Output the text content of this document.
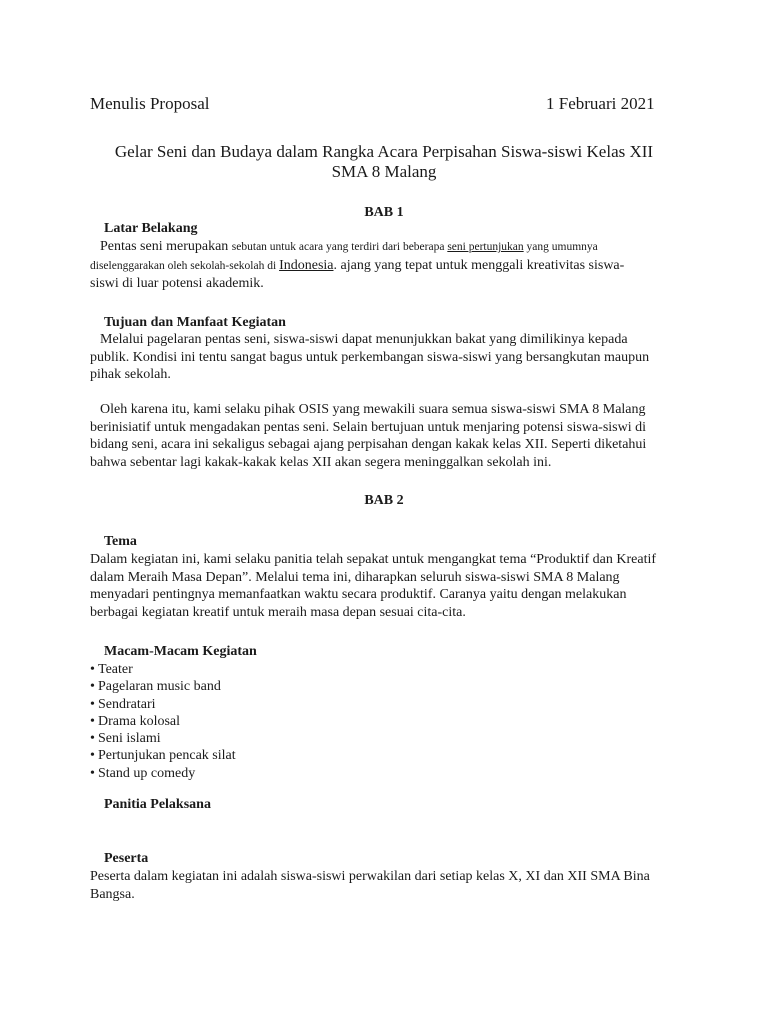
Menulis Proposal	1 Februari 2021
Gelar Seni dan Budaya dalam Rangka Acara Perpisahan Siswa-siswi Kelas XII
SMA 8 Malang
BAB 1
Latar Belakang

Pentas seni merupakan sebutan untuk acara yang terdiri dari beberapa seni pertunjukan yang umumnya

diselenggarakan oleh sekolah-sekolah di Indonesia. ajang yang tepat untuk menggali kreativitas siswa-

siswi di luar potensi akademik.

Tujuan dan Manfaat Kegiatan

Melalui pagelaran pentas seni, siswa-siswi dapat menunjukkan bakat yang dimilikinya kepada

publik. Kondisi ini tentu sangat bagus untuk perkembangan siswa-siswi yang bersangkutan maupun

pihak sekolah.

Oleh karena itu, kami selaku pihak OSIS yang mewakili suara semua siswa-siswi SMA 8 Malang

berinisiatif untuk mengadakan pentas seni. Selain bertujuan untuk menjaring potensi siswa-siswi di

bidang seni, acara ini sekaligus sebagai ajang perpisahan dengan kakak kelas XII. Seperti diketahui

bahwa sebentar lagi kakak-kakak kelas XII akan segera meninggalkan sekolah ini.

BAB 2
Tema

Dalam kegiatan ini, kami selaku panitia telah sepakat untuk mengangkat tema “Produktif dan Kreatif

dalam Meraih Masa Depan”. Melalui tema ini, diharapkan seluruh siswa-siswi SMA 8 Malang

menyadari pentingnya memanfaatkan waktu secara produktif. Caranya yaitu dengan melakukan

berbagai kegiatan kreatif untuk meraih masa depan sesuai cita-cita.

Macam-Macam Kegiatan
• Teater
• Pagelaran music band
• Sendratari
• Drama kolosal
• Seni islami
• Pertunjukan pencak silat
• Stand up comedy
Panitia Pelaksana
Peserta

Peserta dalam kegiatan ini adalah siswa-siswi perwakilan dari setiap kelas X, XI dan XII SMA Bina

Bangsa.
